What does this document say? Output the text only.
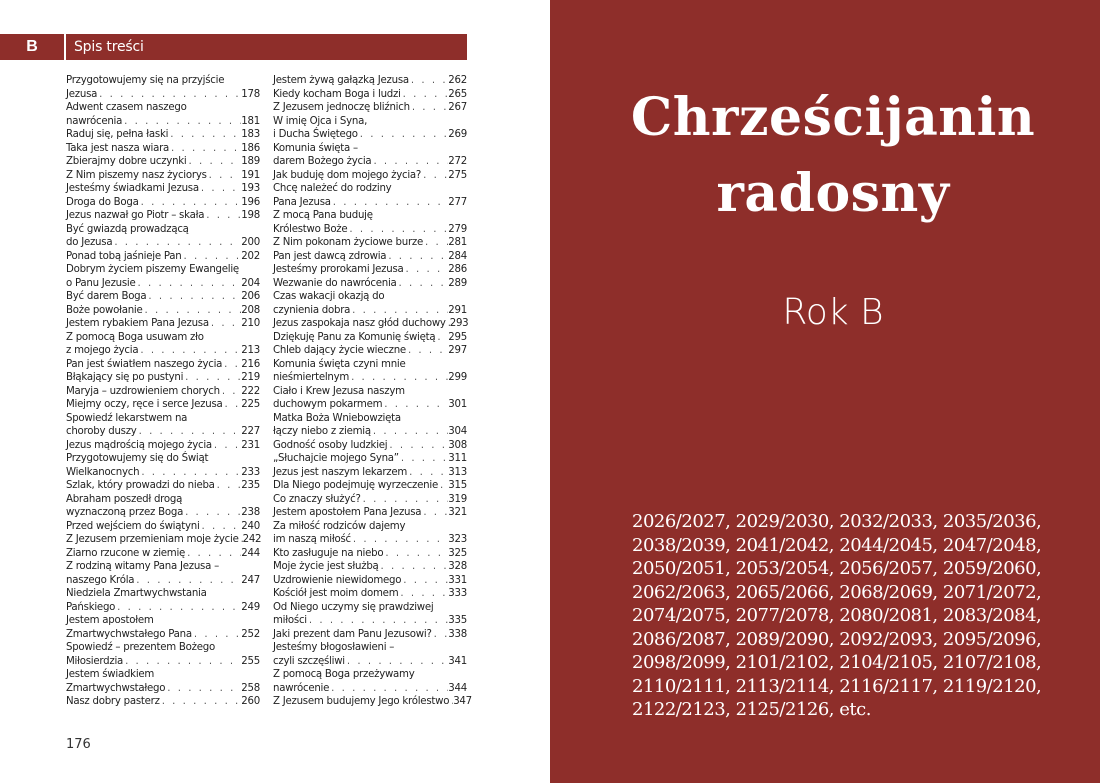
B	Spis treści
Przygotowujemy się na przyjście
Jezusa . . .	178
Adwent czasem naszego
nawrócenia . . .	181
Raduj się, pełna łaski . . .	183
Taka jest nasza wiara . . .	186
Zbierajmy dobre uczynki . . .	189
Z Nim piszemy nasz życiorys . . .	191
Jesteśmy świadkami Jezusa . . .	193
Droga do Boga . . .	196
Jezus nazwał go Piotr – skała . . .	198
Być gwiazdą prowadzącą
do Jezusa . . .	200
Ponad tobą jaśnieje Pan . . .	202
Dobrym życiem piszemy Ewangelię
o Panu Jezusie . . .	204
Być darem Boga . . .	206
Boże powołanie . . .	208
Jestem rybakiem Pana Jezusa . . .	210
Z pomocą Boga usuwam zło
z mojego życia . . .	213
Pan jest światłem naszego życia . . . 216
Błąkający się po pustyni . . .	219
Maryja – uzdrowieniem chorych . . . 222
Miejmy oczy, ręce i serce Jezusa . . . 225
Spowiedź lekarstwem na
choroby duszy . . .	227
Jezus mądrością mojego życia . . .	231
Przygotowujemy się do Świąt
Wielkanocnych . . .	233
Szlak, który prowadzi do nieba . . .	235
Abraham poszedł drogą
wyznaczoną przez Boga . . .	238
Przed wejściem do świątyni . . .	240
Z Jezusem przemieniam moje życie . . . 242
Ziarno rzucone w ziemię . . .	244
Z rodziną witamy Pana Jezusa –
naszego Króla . . .	247
Niedziela Zmartwychwstania
Pańskiego . . .	249
Jestem apostołem
Zmartwychwstałego Pana . . .	252
Spowiedź – prezentem Bożego
Miłosierdzia . . .	255
Jestem świadkiem
Zmartwychwstałego . . .	258
Nasz dobry pasterz . . .	260
Jestem żywą gałązką Jezusa . . .	262
Kiedy kocham Boga i ludzi . . .	265
Z Jezusem jednoczę bliźnich . . .	267
W imię Ojca i Syna,
i Ducha Świętego . . .	269
Komunia święta –
darem Bożego życia . . .	272
Jak buduję dom mojego życia? . . .	275
Chcę należeć do rodziny
Pana Jezusa . . .	277
Z mocą Pana buduję
Królestwo Boże . . .	279
Z Nim pokonam życiowe burze . . . 281
Pan jest dawcą zdrowia . . .	284
Jesteśmy prorokami Jezusa . . .	286
Wezwanie do nawrócenia . . .	289
Czas wakacji okazją do
czynienia dobra . . .	291
Jezus zaspokaja nasz głód duchowy . . . 293
Dziękuję Panu za Komunię świętą . . . 295
Chleb dający życie wieczne . . .	297
Komunia święta czyni mnie
nieśmiertelnym . . .	299
Ciało i Krew Jezusa naszym
duchowym pokarmem . . .	301
Matka Boża Wniebowzięta
łączy niebo z ziemią . . .	304
Godność osoby ludzkiej . . .	308
„Słuchajcie mojego Syna” . . .	311
Jezus jest naszym lekarzem . . .	313
Dla Niego podejmuję wyrzeczenie . . . 315
Co znaczy służyć? . . .	319
Jestem apostołem Pana Jezusa . . .	321
Za miłość rodziców dajemy
im naszą miłość . . .	323
Kto zasługuje na niebo . . .	325
Moje życie jest służbą . . .	328
Uzdrowienie niewidomego . . .	331
Kościół jest moim domem . . .	333
Od Niego uczymy się prawdziwej
miłości . . .	335
Jaki prezent dam Panu Jezusowi? . . . 338
Jesteśmy błogosławieni –
czyli szczęśliwi . . .	341
Z pomocą Boga przeżywamy
nawrócenie . . .	344
Z Jezusem budujemy Jego królestwo . . . 347
176
Chrześcijanin
radosny
Rok B
2026/2027, 2029/2030, 2032/2033, 2035/2036, 2038/2039, 2041/2042, 2044/2045, 2047/2048, 2050/2051, 2053/2054, 2056/2057, 2059/2060, 2062/2063, 2065/2066, 2068/2069, 2071/2072, 2074/2075, 2077/2078, 2080/2081, 2083/2084, 2086/2087, 2089/2090, 2092/2093, 2095/2096, 2098/2099, 2101/2102, 2104/2105, 2107/2108, 2110/2111, 2113/2114, 2116/2117, 2119/2120, 2122/2123, 2125/2126, etc.
